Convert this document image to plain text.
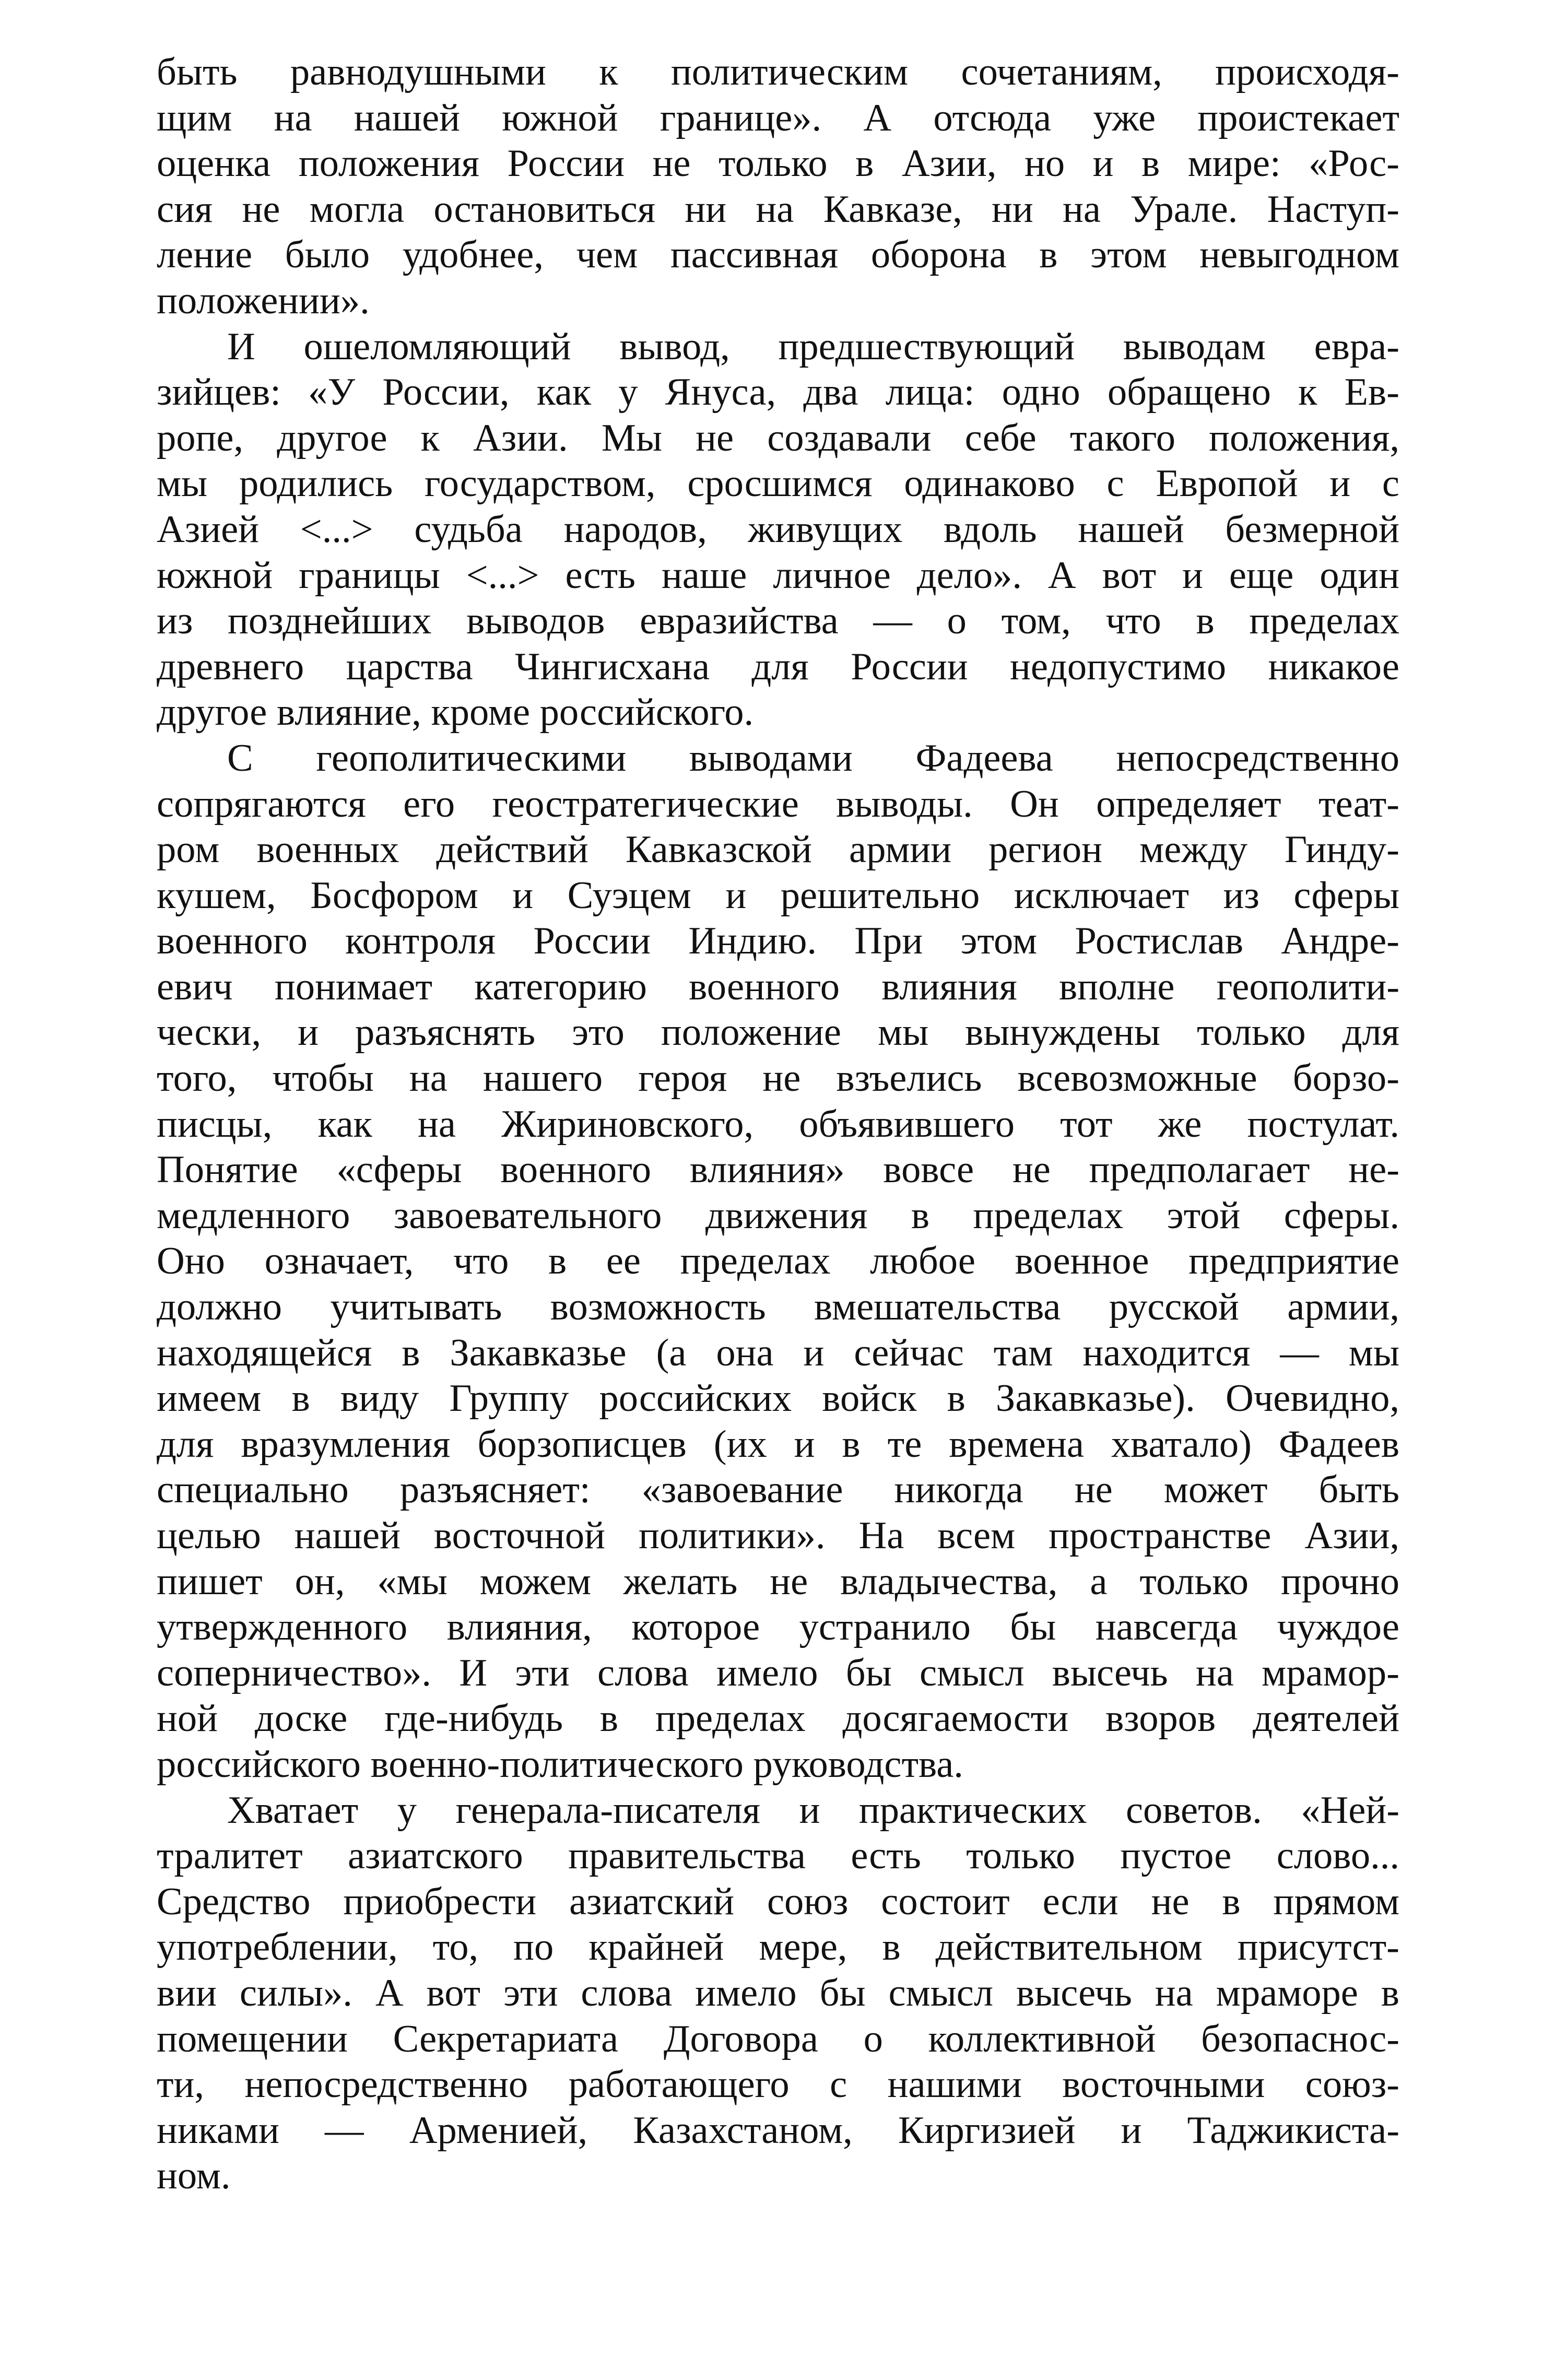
быть равнодушными к политическим сочетаниям, происходя-
щим на нашей южной границе». А отсюда уже проистекает
оценка положения России не только в Азии, но и в мире: «Рос-
сия не могла остановиться ни на Кавказе, ни на Урале. Наступ-
ление было удобнее, чем пассивная оборона в этом невыгодном
положении».
И ошеломляющий вывод, предшествующий выводам евра-
зийцев: «У России, как у Януса, два лица: одно обращено к Ев-
ропе, другое к Азии. Мы не создавали себе такого положения,
мы родились государством, сросшимся одинаково с Европой и с
Азией <...> судьба народов, живущих вдоль нашей безмерной
южной границы <...> есть наше личное дело». А вот и еще один
из позднейших выводов евразийства — о том, что в пределах
древнего царства Чингисхана для России недопустимо никакое
другое влияние, кроме российского.
С геополитическими выводами Фадеева непосредственно
сопрягаются его геостратегические выводы. Он определяет теат-
ром военных действий Кавказской армии регион между Гинду-
кушем, Босфором и Суэцем и решительно исключает из сферы
военного контроля России Индию. При этом Ростислав Андре-
евич понимает категорию военного влияния вполне геополити-
чески, и разъяснять это положение мы вынуждены только для
того, чтобы на нашего героя не взъелись всевозможные борзо-
писцы, как на Жириновского, объявившего тот же постулат.
Понятие «сферы военного влияния» вовсе не предполагает не-
медленного завоевательного движения в пределах этой сферы.
Оно означает, что в ее пределах любое военное предприятие
должно учитывать возможность вмешательства русской армии,
находящейся в Закавказье (а она и сейчас там находится — мы
имеем в виду Группу российских войск в Закавказье). Очевидно,
для вразумления борзописцев (их и в те времена хватало) Фадеев
специально разъясняет: «завоевание никогда не может быть
целью нашей восточной политики». На всем пространстве Азии,
пишет он, «мы можем желать не владычества, а только прочно
утвержденного влияния, которое устранило бы навсегда чуждое
соперничество». И эти слова имело бы смысл высечь на мрамор-
ной доске где-нибудь в пределах досягаемости взоров деятелей
российского военно-политического руководства.
Хватает у генерала-писателя и практических советов. «Ней-
тралитет азиатского правительства есть только пустое слово...
Средство приобрести азиатский союз состоит если не в прямом
употреблении, то, по крайней мере, в действительном присутст-
вии силы». А вот эти слова имело бы смысл высечь на мраморе в
помещении Секретариата Договора о коллективной безопаснос-
ти, непосредственно работающего с нашими восточными союз-
никами — Арменией, Казахстаном, Киргизией и Таджикиста-
ном.
